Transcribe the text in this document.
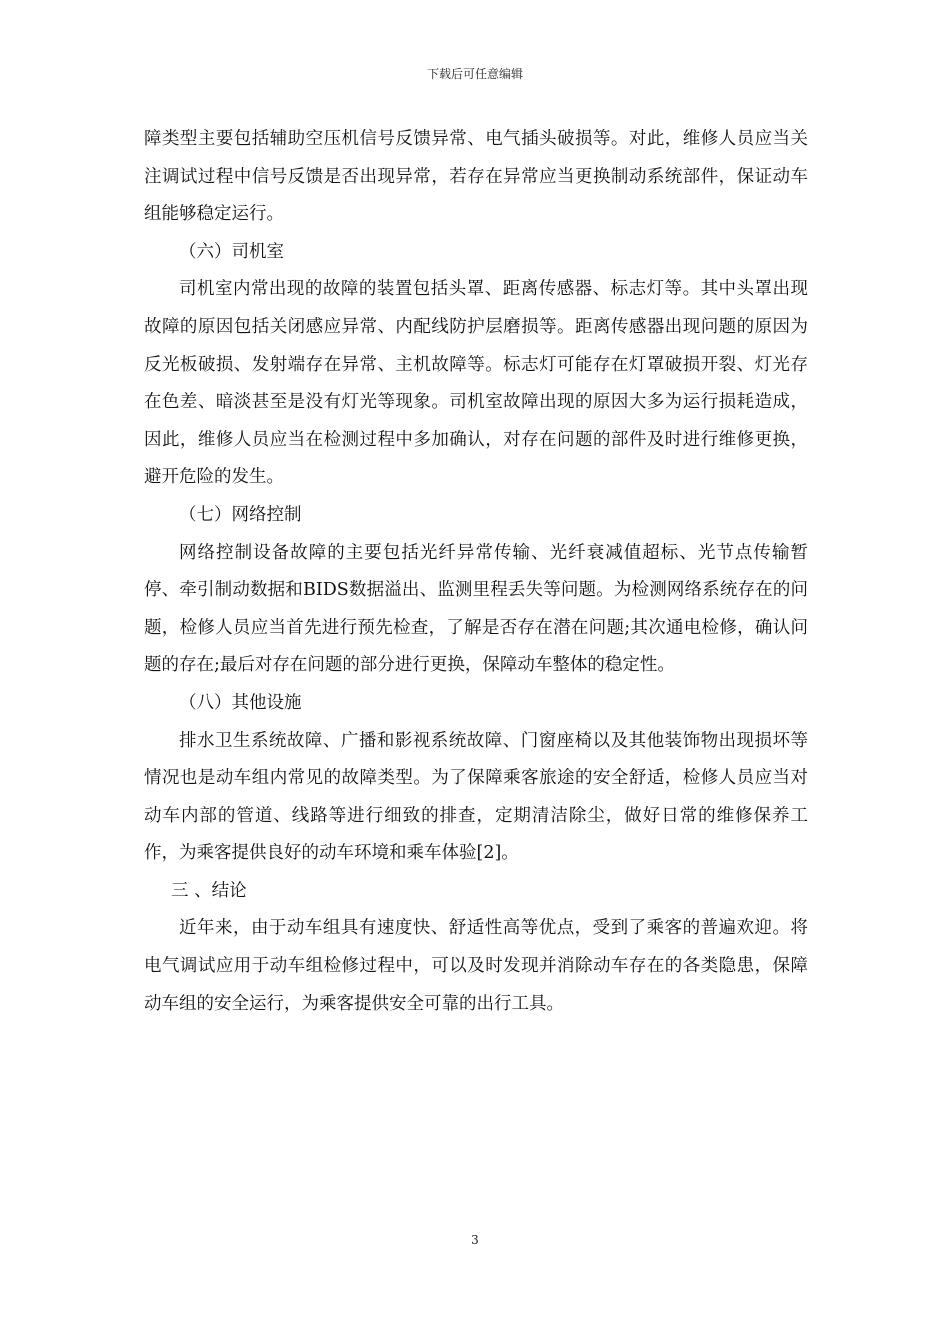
下载后可任意编辑

障类型主要包括辅助空压机信号反馈异常、电气插头破损等。对此，维修人员应当关注调试过程中信号反馈是否出现异常，若存在异常应当更换制动系统部件，保证动车组能够稳定运行。

（六）司机室

司机室内常出现的故障的装置包括头罩、距离传感器、标志灯等。其中头罩出现故障的原因包括关闭感应异常、内配线防护层磨损等。距离传感器出现问题的原因为反光板破损、发射端存在异常、主机故障等。标志灯可能存在灯罩破损开裂、灯光存在色差、暗淡甚至是没有灯光等现象。司机室故障出现的原因大多为运行损耗造成，因此，维修人员应当在检测过程中多加确认，对存在问题的部件及时进行维修更换，避开危险的发生。

（七）网络控制

网络控制设备故障的主要包括光纤异常传输、光纤衰减值超标、光节点传输暂停、牵引制动数据和BIDS数据溢出、监测里程丢失等问题。为检测网络系统存在的问题，检修人员应当首先进行预先检查，了解是否存在潜在问题;其次通电检修，确认问题的存在;最后对存在问题的部分进行更换，保障动车整体的稳定性。

（八）其他设施

排水卫生系统故障、广播和影视系统故障、门窗座椅以及其他装饰物出现损坏等情况也是动车组内常见的故障类型。为了保障乘客旅途的安全舒适，检修人员应当对动车内部的管道、线路等进行细致的排查，定期清洁除尘，做好日常的维修保养工作，为乘客提供良好的动车环境和乘车体验[2]。

三 、结论

近年来，由于动车组具有速度快、舒适性高等优点，受到了乘客的普遍欢迎。将电气调试应用于动车组检修过程中，可以及时发现并消除动车存在的各类隐患，保障动车组的安全运行，为乘客提供安全可靠的出行工具。

3
